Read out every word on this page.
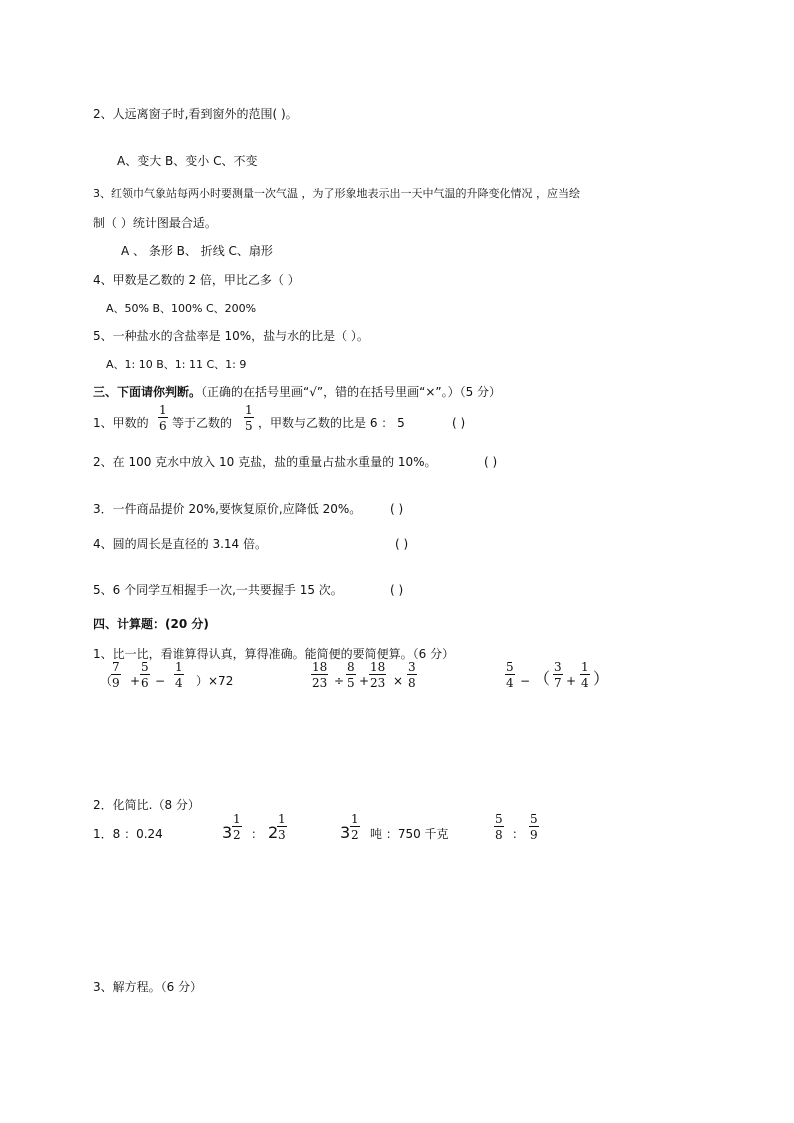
2、人远离窗子时,看到窗外的范围( )。
A、变大 B、变小 C、不变
3、红领巾气象站每两小时要测量一次气温 ，为了形象地表示出一天中气温的升降变化情况 ，应当绘
制（ ）统计图最合适。
A 、 条形 B、 折线 C、扇形
4、甲数是乙数的 2 倍，甲比乙多（ ）
A、50% B、100% C、200%
5、一种盐水的含盐率是 10%，盐与水的比是（ ）。
A、1: 10 B、1: 11 C、1: 9
三、下面请你判断。（正确的在括号里画“√”，错的在括号里画“×”。）（5 分）
1、甲数的
1
6 等于乙数的
1
5 ，甲数与乙数的比是 6 ： 5	( )
2、在 100 克水中放入 10 克盐，盐的重量占盐水重量的 10%。	( )
3．一件商品提价 20%,要恢复原价,应降低 20%。 ( )
4、圆的周长是直径的 3.14 倍。	( )
5、6 个同学互相握手一次,一共要握手 15 次。	( )
四、计算题：(20 分)
1、比一比，看谁算得认真，算得准确。能简便的要简便算。（6 分）
（
7
9 +
5
6 −
1
4 ）×72
18
23 ÷
8
5 +
18
23 ×
3
8
5
4 − （
3
7 +
1
4 ）
2．化简比.（8 分）
1．8 ：0.24	3
1
2 ： 2
1
3	3
1
2 吨 ：750 千克
5
8 ：
5
9
3、解方程。（6 分）
